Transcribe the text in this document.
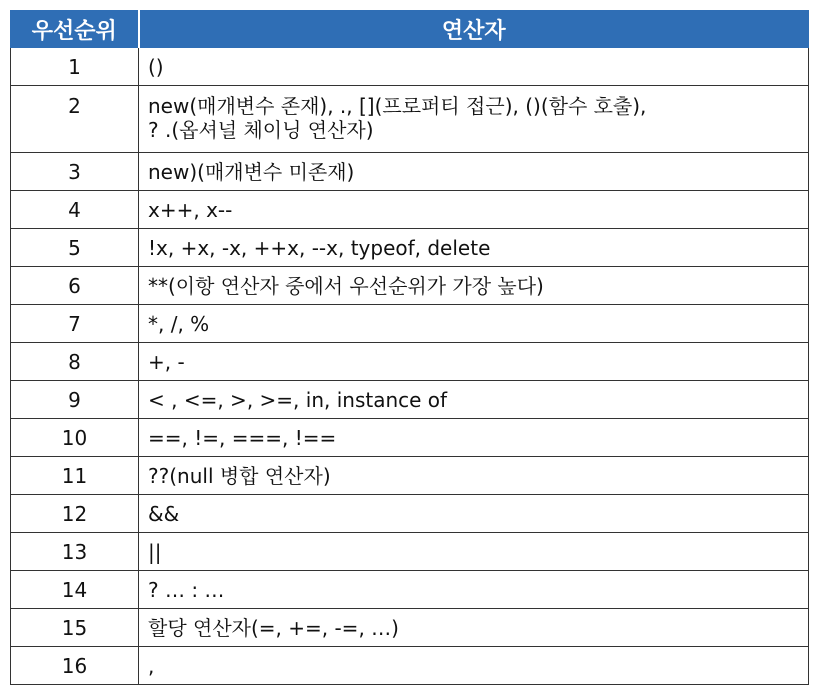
우선순위	연산자
1	()

2	new(매개변수 존재), ., [](프로퍼티 접근), ()(함수 호출),
? .(옵셔널 체이닝 연산자)

3	new)(매개변수 미존재)

4	x++, x--

5	!x, +x, -x, ++x, --x, typeof, delete

6	**(이항 연산자 중에서 우선순위가 가장 높다)

7	*, /, %

8	+, -

9	< , <=, >, >=, in, instance of

10	==, !=, ===, !==

11	??(null 병합 연산자)

12	&&

13	||

14	? … : …

15	할당 연산자(=, +=, -=, …)

16	,
